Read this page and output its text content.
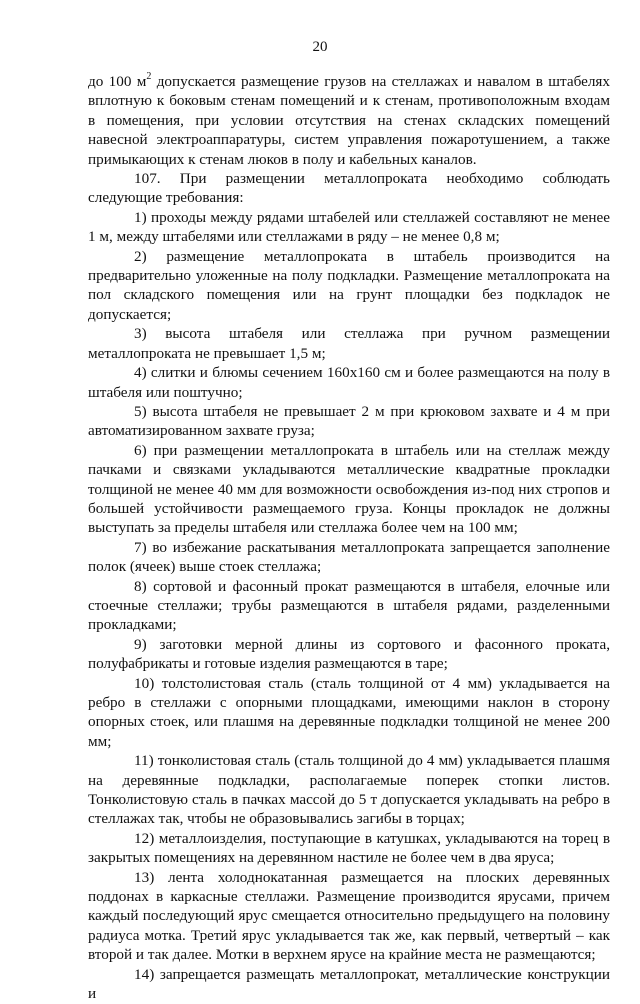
20

до 100 $м^2$ допускается размещение грузов на стеллажах и навалом в штабелях вплотную к боковым стенам помещений и к стенам, противоположным входам в помещения, при условии отсутствия на стенах складских помещений навесной электроаппаратуры, систем управления пожаротушением, а также примыкающих к стенам люков в полу и кабельных каналов.

107. При размещении металлопроката необходимо соблюдать следующие требования:

1) проходы между рядами штабелей или стеллажей составляют не менее 1 м, между штабелями или стеллажами в ряду – не менее 0,8 м;

2) размещение металлопроката в штабель производится на предварительно уложенные на полу подкладки. Размещение металлопроката на пол складского помещения или на грунт площадки без подкладок не допускается;

3) высота штабеля или стеллажа при ручном размещении металлопроката не превышает 1,5 м;

4) слитки и блюмы сечением 160х160 см и более размещаются на полу в штабеля или поштучно;

5) высота штабеля не превышает 2 м при крюковом захвате и 4 м при автоматизированном захвате груза;

6) при размещении металлопроката в штабель или на стеллаж между пачками и связками укладываются металлические квадратные прокладки толщиной не менее 40 мм для возможности освобождения из-под них стропов и большей устойчивости размещаемого груза. Концы прокладок не должны выступать за пределы штабеля или стеллажа более чем на 100 мм;

7) во избежание раскатывания металлопроката запрещается заполнение полок (ячеек) выше стоек стеллажа;

8) сортовой и фасонный прокат размещаются в штабеля, елочные или стоечные стеллажи; трубы размещаются в штабеля рядами, разделенными прокладками;

9) заготовки мерной длины из сортового и фасонного проката, полуфабрикаты и готовые изделия размещаются в таре;

10) толстолистовая сталь (сталь толщиной от 4 мм) укладывается на ребро в стеллажи с опорными площадками, имеющими наклон в сторону опорных стоек, или плашмя на деревянные подкладки толщиной не менее 200 мм;

11) тонколистовая сталь (сталь толщиной до 4 мм) укладывается плашмя на деревянные подкладки, располагаемые поперек стопки листов. Тонколистовую сталь в пачках массой до 5 т допускается укладывать на ребро в стеллажах так, чтобы не образовывались загибы в торцах;

12) металлоизделия, поступающие в катушках, укладываются на торец в закрытых помещениях на деревянном настиле не более чем в два яруса;

13) лента холоднокатанная размещается на плоских деревянных поддонах в каркасные стеллажи. Размещение производится ярусами, причем каждый последующий ярус смещается относительно предыдущего на половину радиуса мотка. Третий ярус укладывается так же, как первый, четвертый – как второй и так далее. Мотки в верхнем ярусе на крайние места не размещаются;

14) запрещается размещать металлопрокат, металлические конструкции и
